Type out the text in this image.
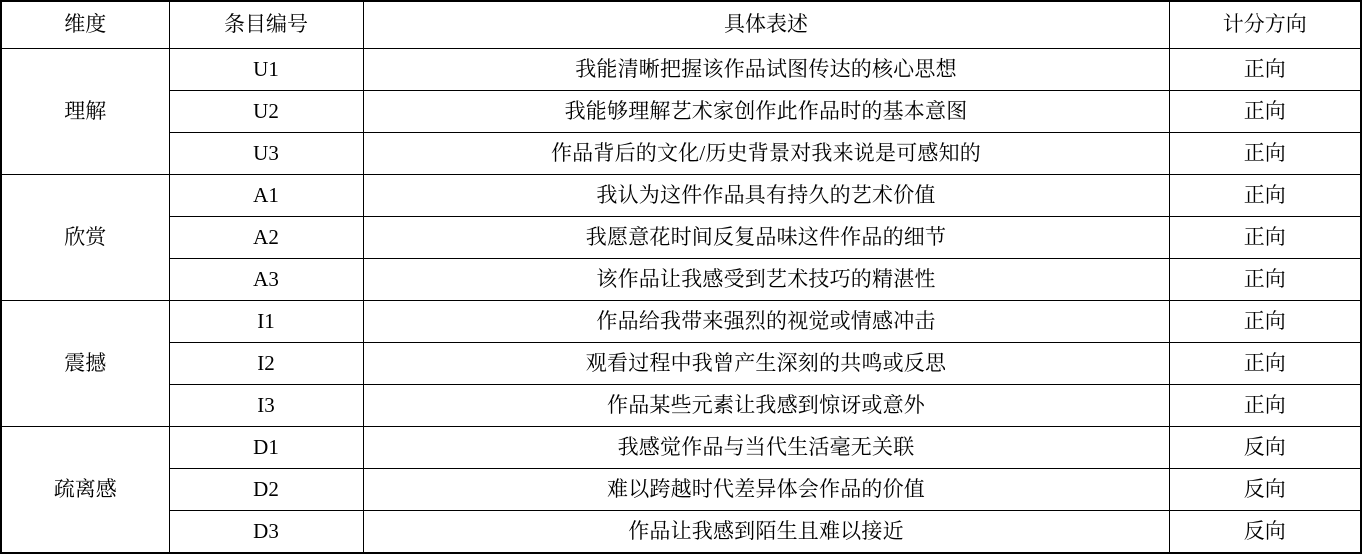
维度	条目编号	具体表述	计分方向
理解	U1	我能清晰把握该作品试图传达的核心思想	正向
	U2	我能够理解艺术家创作此作品时的基本意图	正向
	U3	作品背后的文化/历史背景对我来说是可感知的	正向
欣赏	A1	我认为这件作品具有持久的艺术价值	正向
	A2	我愿意花时间反复品味这件作品的细节	正向
	A3	该作品让我感受到艺术技巧的精湛性	正向
震撼	I1	作品给我带来强烈的视觉或情感冲击	正向
	I2	观看过程中我曾产生深刻的共鸣或反思	正向
	I3	作品某些元素让我感到惊讶或意外	正向
疏离感	D1	我感觉作品与当代生活毫无关联	反向
	D2	难以跨越时代差异体会作品的价值	反向
	D3	作品让我感到陌生且难以接近	反向
